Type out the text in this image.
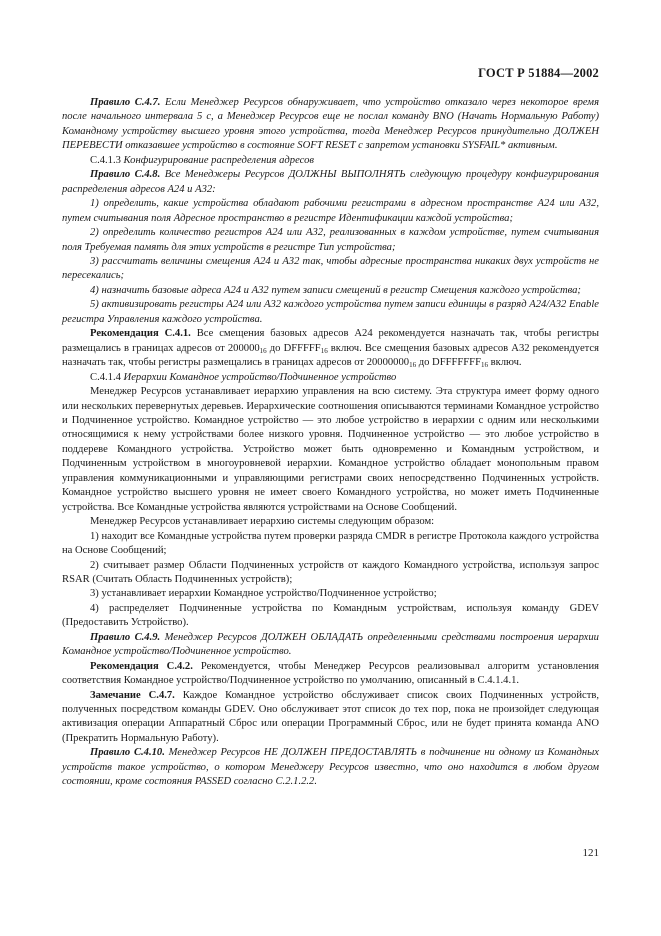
ГОСТ Р 51884—2002

Правило С.4.7. Если Менеджер Ресурсов обнаруживает, что устройство отказало через некоторое время после начального интервала 5 с, а Менеджер Ресурсов еще не послал команду BNO (Начать Нормальную Работу) Командному устройству высшего уровня этого устройства, тогда Менеджер Ресурсов принудительно ДОЛЖЕН ПЕРЕВЕСТИ отказавшее устройство в состояние SOFT RESET с запретом установки SYSFAIL* активным.

С.4.1.3 Конфигурирование распределения адресов

Правило С.4.8. Все Менеджеры Ресурсов ДОЛЖНЫ ВЫПОЛНЯТЬ следующую процедуру конфигурирования распределения адресов А24 и А32:

1) определить, какие устройства обладают рабочими регистрами в адресном пространстве А24 или А32, путем считывания поля Адресное пространство в регистре Идентификации каждой устройства;

2) определить количество регистров А24 или А32, реализованных в каждом устройстве, путем считывания поля Требуемая память для этих устройств в регистре Тип устройства;

3) рассчитать величины смещения А24 и А32 так, чтобы адресные пространства никаких двух устройств не пересекались;

4) назначить базовые адреса А24 и А32 путем записи смещений в регистр Смещения каждого устройства;

5) активизировать регистры А24 или А32 каждого устройства путем записи единицы в разряд А24/А32 Enable регистра Управления каждого устройства.

Рекомендация С.4.1. Все смещения базовых адресов А24 рекомендуется назначать так, чтобы регистры размещались в границах адресов от $200000_{16}$ до $DFFFFF_{16}$ включ. Все смещения базовых адресов А32 рекомендуется назначать так, чтобы регистры размещались в границах адресов от $20000000_{16}$ до $DFFFFFFF_{16}$ включ.

С.4.1.4 Иерархии Командное устройство/Подчиненное устройство

Менеджер Ресурсов устанавливает иерархию управления на всю систему. Эта структура имеет форму одного или нескольких перевернутых деревьев. Иерархические соотношения описываются терминами Командное устройство и Подчиненное устройство. Командное устройство — это любое устройство в иерархии с одним или несколькими относящимися к нему устройствами более низкого уровня. Подчиненное устройство — это любое устройство в поддереве Командного устройства. Устройство может быть одновременно и Командным устройством, и Подчиненным устройством в многоуровневой иерархии. Командное устройство обладает монопольным правом управления коммуникационными и управляющими регистрами своих непосредственно Подчиненных устройств. Командное устройство высшего уровня не имеет своего Командного устройства, но может иметь Подчиненные устройства. Все Командные устройства являются устройствами на Основе Сообщений.

Менеджер Ресурсов устанавливает иерархию системы следующим образом:

1) находит все Командные устройства путем проверки разряда CMDR в регистре Протокола каждого устройства на Основе Сообщений;

2) считывает размер Области Подчиненных устройств от каждого Командного устройства, используя запрос RSAR (Считать Область Подчиненных устройств);

3) устанавливает иерархии Командное устройство/Подчиненное устройство;

4) распределяет Подчиненные устройства по Командным устройствам, используя команду GDEV (Предоставить Устройство).

Правило С.4.9. Менеджер Ресурсов ДОЛЖЕН ОБЛАДАТЬ определенными средствами построения иерархии Командное устройство/Подчиненное устройство.

Рекомендация С.4.2. Рекомендуется, чтобы Менеджер Ресурсов реализовывал алгоритм установления соответствия Командное устройство/Подчиненное устройство по умолчанию, описанный в С.4.1.4.1.

Замечание С.4.7. Каждое Командное устройство обслуживает список своих Подчиненных устройств, полученных посредством команды GDEV. Оно обслуживает этот список до тех пор, пока не произойдет следующая активизация операции Аппаратный Сброс или операции Программный Сброс, или не будет принята команда ANO (Прекратить Нормальную Работу).

Правило С.4.10. Менеджер Ресурсов НЕ ДОЛЖЕН ПРЕДОСТАВЛЯТЬ в подчинение ни одному из Командных устройств такое устройство, о котором Менеджеру Ресурсов известно, что оно находится в любом другом состоянии, кроме состояния PASSED согласно С.2.1.2.2.

121
